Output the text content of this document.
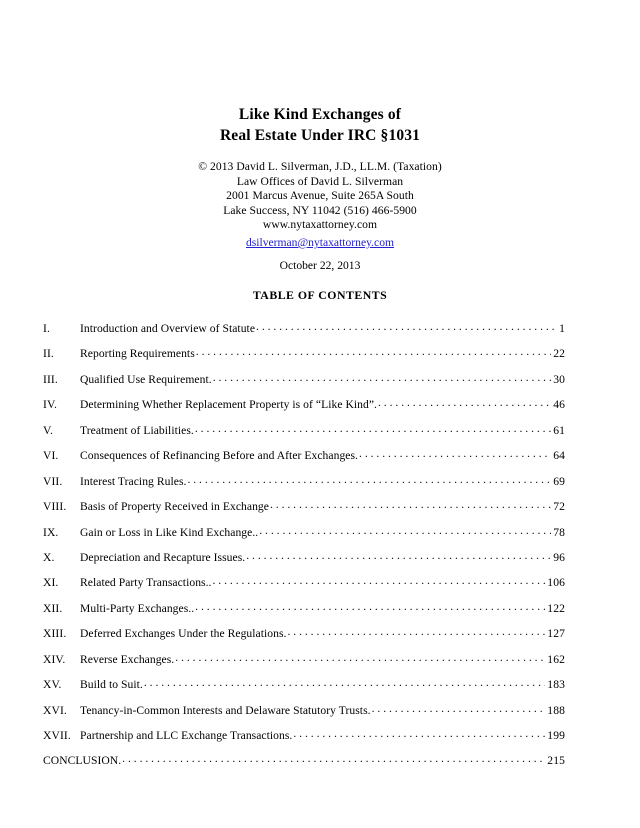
Like Kind Exchanges of
Real Estate Under IRC §1031
© 2013 David L. Silverman, J.D., LL.M. (Taxation)
Law Offices of David L. Silverman
2001 Marcus Avenue, Suite 265A South
Lake Success, NY 11042 (516) 466-5900
www.nytaxattorney.com
dsilverman@nytaxattorney.com
October 22, 2013
TABLE OF CONTENTS
I.	Introduction and Overview of Statute . . .	1
II.	Reporting Requirements . . .	22
III.	Qualified Use Requirement. . . .	30
IV.	Determining Whether Replacement Property is of “Like Kind”. . . .	46
V.	Treatment of Liabilities. . . .	61
VI.	Consequences of Refinancing Before and After Exchanges. . . .	64
VII.	Interest Tracing Rules. . . .	69
VIII.	Basis of Property Received in Exchange . . .	72
IX.	Gain or Loss in Like Kind Exchange.. . . .	78
X.	Depreciation and Recapture Issues. . . .	96
XI.	Related Party Transactions.. . . .	106
XII.	Multi-Party Exchanges.. . . .	122
XIII.	Deferred Exchanges Under the Regulations. . . .	127
XIV.	Reverse Exchanges. . . .	162
XV.	Build to Suit. . . .	183
XVI.	Tenancy-in-Common Interests and Delaware Statutory Trusts. . . .	188
XVII. Partnership and LLC Exchange Transactions. . . .	199
CONCLUSION. . . .	215
